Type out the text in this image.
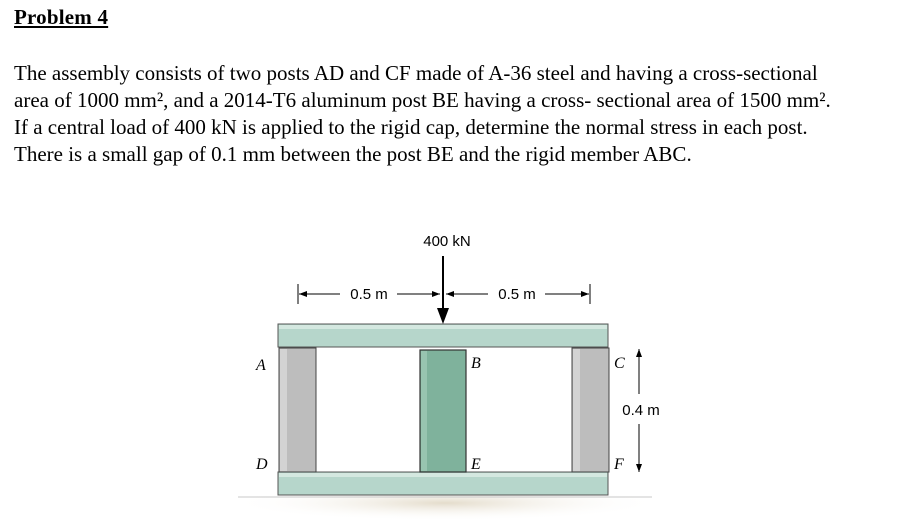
Problem 4

The assembly consists of two posts AD and CF made of A-36 steel and having a cross-sectional

area of 1000 mm², and a 2014-T6 aluminum post BE having a cross- sectional area of 1500 mm².

If a central load of 400 kN is applied to the rigid cap, determine the normal stress in each post.

There is a small gap of 0.1 mm between the post BE and the rigid member ABC.

400 kN
0.5 m	0.5 m
0.4 m
A
D
B
E
C
F
